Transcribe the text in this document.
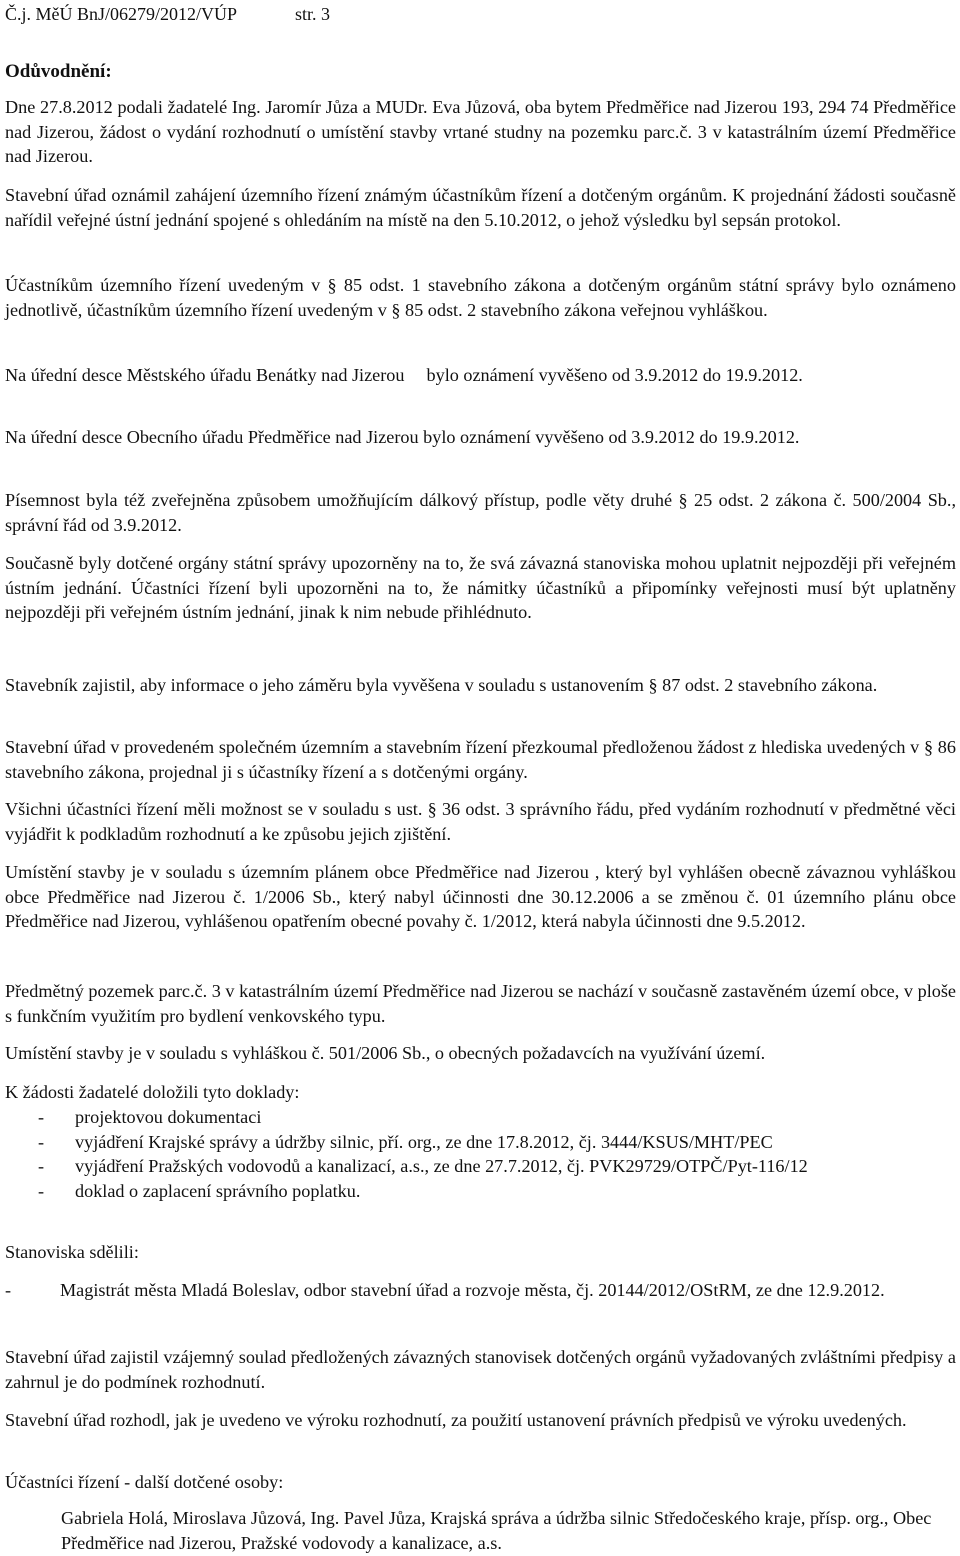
Č.j. MěÚ BnJ/06279/2012/VÚP	str. 3
Odůvodnění:

Dne 27.8.2012 podali žadatelé Ing. Jaromír Jůza a MUDr. Eva Jůzová, oba bytem Předměřice nad Jizerou 193, 294 74 Předměřice nad Jizerou, žádost o vydání rozhodnutí o umístění stavby vrtané studny na pozemku parc.č. 3 v katastrálním území Předměřice nad Jizerou.

Stavební úřad oznámil zahájení územního řízení známým účastníkům řízení a dotčeným orgánům. K projednání žádosti současně nařídil veřejné ústní jednání spojené s ohledáním na místě na den 5.10.2012, o jehož výsledku byl sepsán protokol.

Účastníkům územního řízení uvedeným v § 85 odst. 1 stavebního zákona a dotčeným orgánům státní správy bylo oznámeno jednotlivě, účastníkům územního řízení uvedeným v § 85 odst. 2 stavebního zákona veřejnou vyhláškou.

Na úřední desce Městského úřadu Benátky nad Jizerou bylo oznámení vyvěšeno od 3.9.2012 do 19.9.2012.

Na úřední desce Obecního úřadu Předměřice nad Jizerou bylo oznámení vyvěšeno od 3.9.2012 do 19.9.2012.

Písemnost byla též zveřejněna způsobem umožňujícím dálkový přístup, podle věty druhé § 25 odst. 2 zákona č. 500/2004 Sb., správní řád od 3.9.2012.

Současně byly dotčené orgány státní správy upozorněny na to, že svá závazná stanoviska mohou uplatnit nejpozději při veřejném ústním jednání. Účastníci řízení byli upozorněni na to, že námitky účastníků a připomínky veřejnosti musí být uplatněny nejpozději při veřejném ústním jednání, jinak k nim nebude přihlédnuto.

Stavebník zajistil, aby informace o jeho záměru byla vyvěšena v souladu s ustanovením § 87 odst. 2 stavebního zákona.

Stavební úřad v provedeném společném územním a stavebním řízení přezkoumal předloženou žádost z hlediska uvedených v § 86 stavebního zákona, projednal ji s účastníky řízení a s dotčenými orgány.

Všichni účastníci řízení měli možnost se v souladu s ust. § 36 odst. 3 správního řádu, před vydáním rozhodnutí v předmětné věci vyjádřit k podkladům rozhodnutí a ke způsobu jejich zjištění.

Umístění stavby je v souladu s územním plánem obce Předměřice nad Jizerou , který byl vyhlášen obecně závaznou vyhláškou obce Předměřice nad Jizerou č. 1/2006 Sb., který nabyl účinnosti dne 30.12.2006 a se změnou č. 01 územního plánu obce Předměřice nad Jizerou, vyhlášenou opatřením obecné povahy č. 1/2012, která nabyla účinnosti dne 9.5.2012.

Předmětný pozemek parc.č. 3 v katastrálním území Předměřice nad Jizerou se nachází v současně zastavěném území obce, v ploše s funkčním využitím pro bydlení venkovského typu.

Umístění stavby je v souladu s vyhláškou č. 501/2006 Sb., o obecných požadavcích na využívání území.

K žádosti žadatelé doložili tyto doklady:

- projektovou dokumentaci
- vyjádření Krajské správy a údržby silnic, pří. org., ze dne 17.8.2012, čj. 3444/KSUS/MHT/PEC
- vyjádření Pražských vodovodů a kanalizací, a.s., ze dne 27.7.2012, čj. PVK29729/OTPČ/Pyt-116/12
- doklad o zaplacení správního poplatku.

Stanoviska sdělili:

-	Magistrát města Mladá Boleslav, odbor stavební úřad a rozvoje města, čj. 20144/2012/OStRM, ze dne 12.9.2012.

Stavební úřad zajistil vzájemný soulad předložených závazných stanovisek dotčených orgánů vyžadovaných zvláštními předpisy a zahrnul je do podmínek rozhodnutí.

Stavební úřad rozhodl, jak je uvedeno ve výroku rozhodnutí, za použití ustanovení právních předpisů ve výroku uvedených.

Účastníci řízení - další dotčené osoby:

Gabriela Holá, Miroslava Jůzová, Ing. Pavel Jůza, Krajská správa a údržba silnic Středočeského kraje, přísp. org., Obec Předměřice nad Jizerou, Pražské vodovody a kanalizace, a.s.
